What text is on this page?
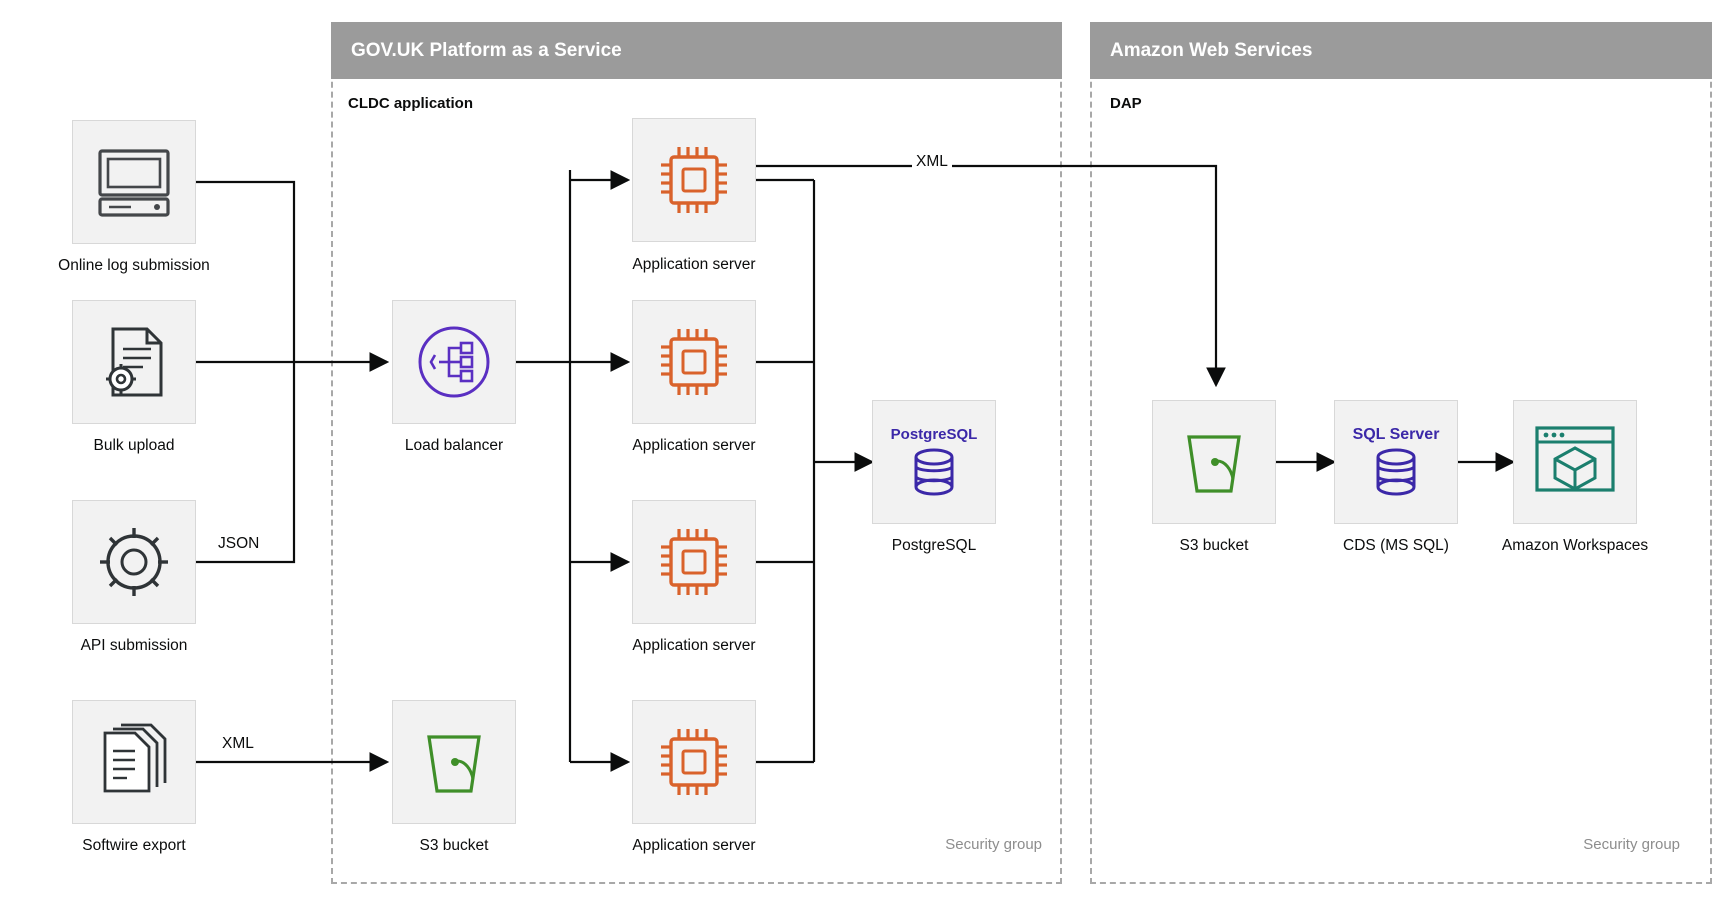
GOV.UK Platform as a Service
CLDC application
Security group
Amazon Web Services
DAP
Security group
Online log submission
Bulk upload
API submission
Softwire export
Load balancer
S3 bucket
Application server
Application server
Application server
Application server
PostgreSQL
PostgreSQL	S3 bucket
SQL Server
CDS (MS SQL)	Amazon Workspaces
JSON
XML
XML
